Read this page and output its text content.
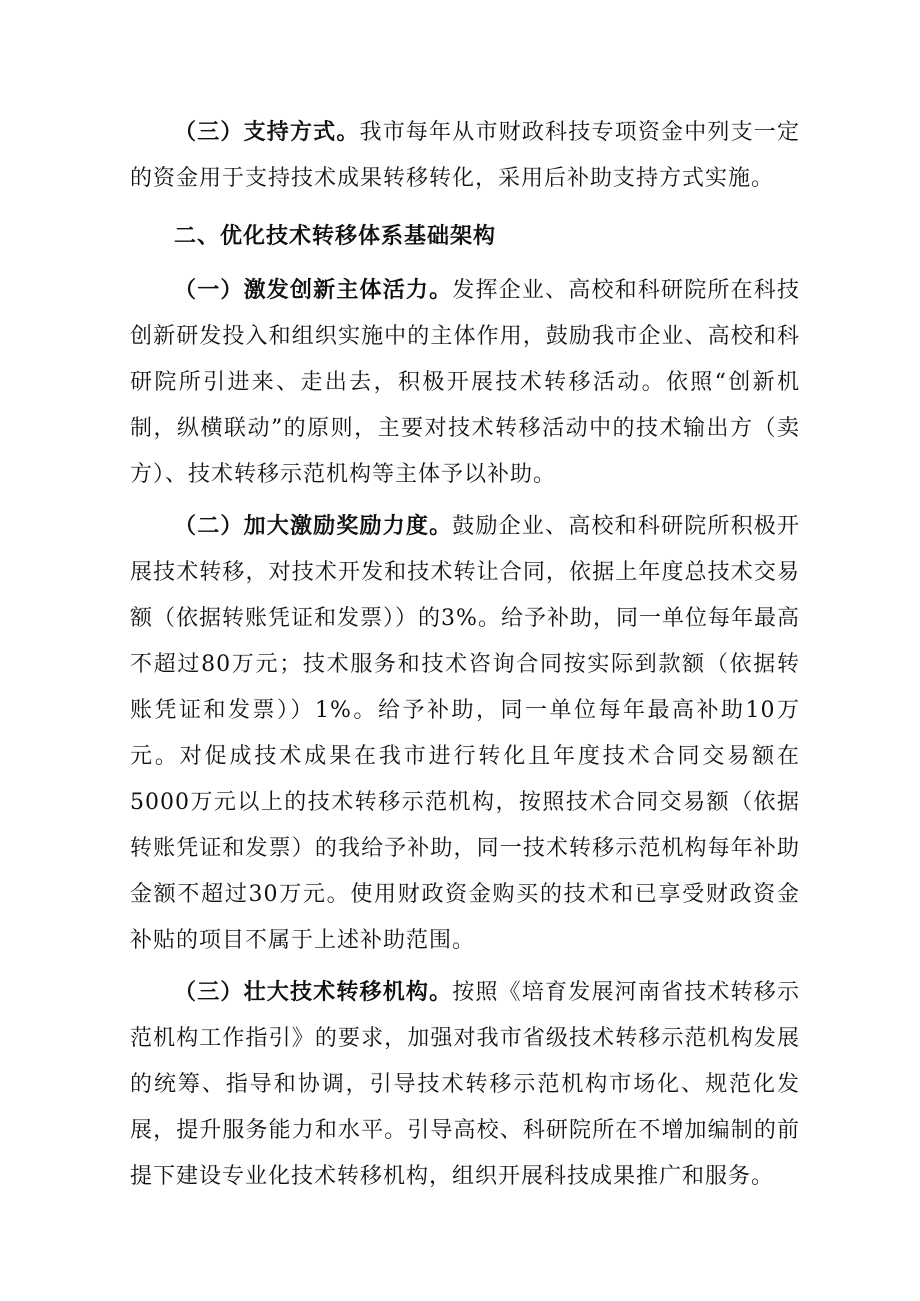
（三）支持方式。我市每年从市财政科技专项资金中列支一定的资金用于支持技术成果转移转化，采用后补助支持方式实施。

二、优化技术转移体系基础架构

（一）激发创新主体活力。发挥企业、高校和科研院所在科技创新研发投入和组织实施中的主体作用，鼓励我市企业、高校和科研院所引进来、走出去，积极开展技术转移活动。依照“创新机制，纵横联动”的原则，主要对技术转移活动中的技术输出方（卖方）、技术转移示范机构等主体予以补助。

（二）加大激励奖励力度。鼓励企业、高校和科研院所积极开展技术转移，对技术开发和技术转让合同，依据上年度总技术交易额（依据转账凭证和发票））的3%。给予补助，同一单位每年最高不超过80万元；技术服务和技术咨询合同按实际到款额（依据转账凭证和发票））1%。给予补助，同一单位每年最高补助10万元。对促成技术成果在我市进行转化且年度技术合同交易额在5000万元以上的技术转移示范机构，按照技术合同交易额（依据转账凭证和发票）的我给予补助，同一技术转移示范机构每年补助金额不超过30万元。使用财政资金购买的技术和已享受财政资金补贴的项目不属于上述补助范围。

（三）壮大技术转移机构。按照《培育发展河南省技术转移示范机构工作指引》的要求，加强对我市省级技术转移示范机构发展的统筹、指导和协调，引导技术转移示范机构市场化、规范化发展，提升服务能力和水平。引导高校、科研院所在不增加编制的前提下建设专业化技术转移机构，组织开展科技成果推广和服务。
